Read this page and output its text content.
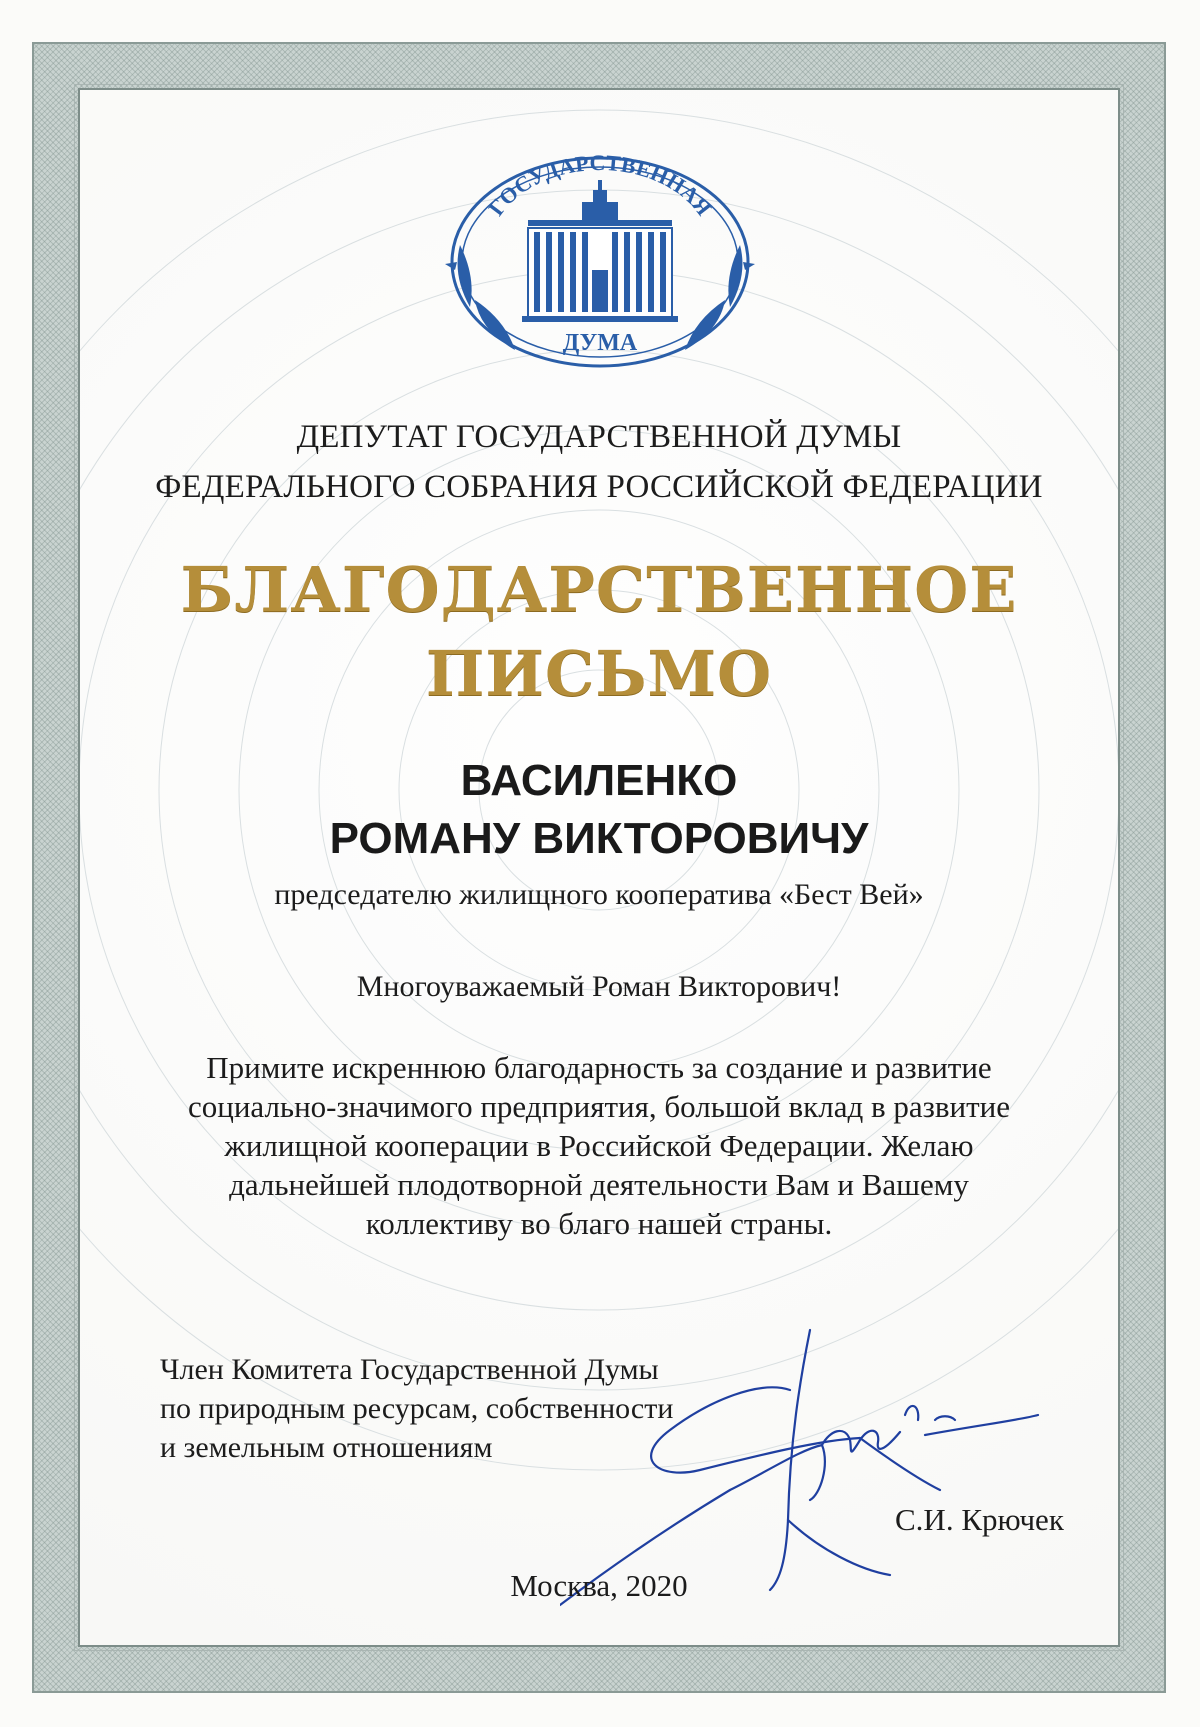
ГОСУДАРСТВЕННАЯ
ДУМА
ДЕПУТАТ ГОСУДАРСТВЕННОЙ ДУМЫ
ФЕДЕРАЛЬНОГО СОБРАНИЯ РОССИЙСКОЙ ФЕДЕРАЦИИ
БЛАГОДАРСТВЕННОЕ
ПИСЬМО
ВАСИЛЕНКО
РОМАНУ ВИКТОРОВИЧУ
председателю жилищного кооператива «Бест Вей»
Многоуважаемый Роман Викторович!
Примите искреннюю благодарность за создание и развитие
социально-значимого предприятия, большой вклад в развитие
жилищной кооперации в Российской Федерации. Желаю
дальнейшей плодотворной деятельности Вам и Вашему
коллективу во благо нашей страны.
Член Комитета Государственной Думы
по природным ресурсам, собственности
и земельным отношениям
С.И. Крючек
Москва, 2020
